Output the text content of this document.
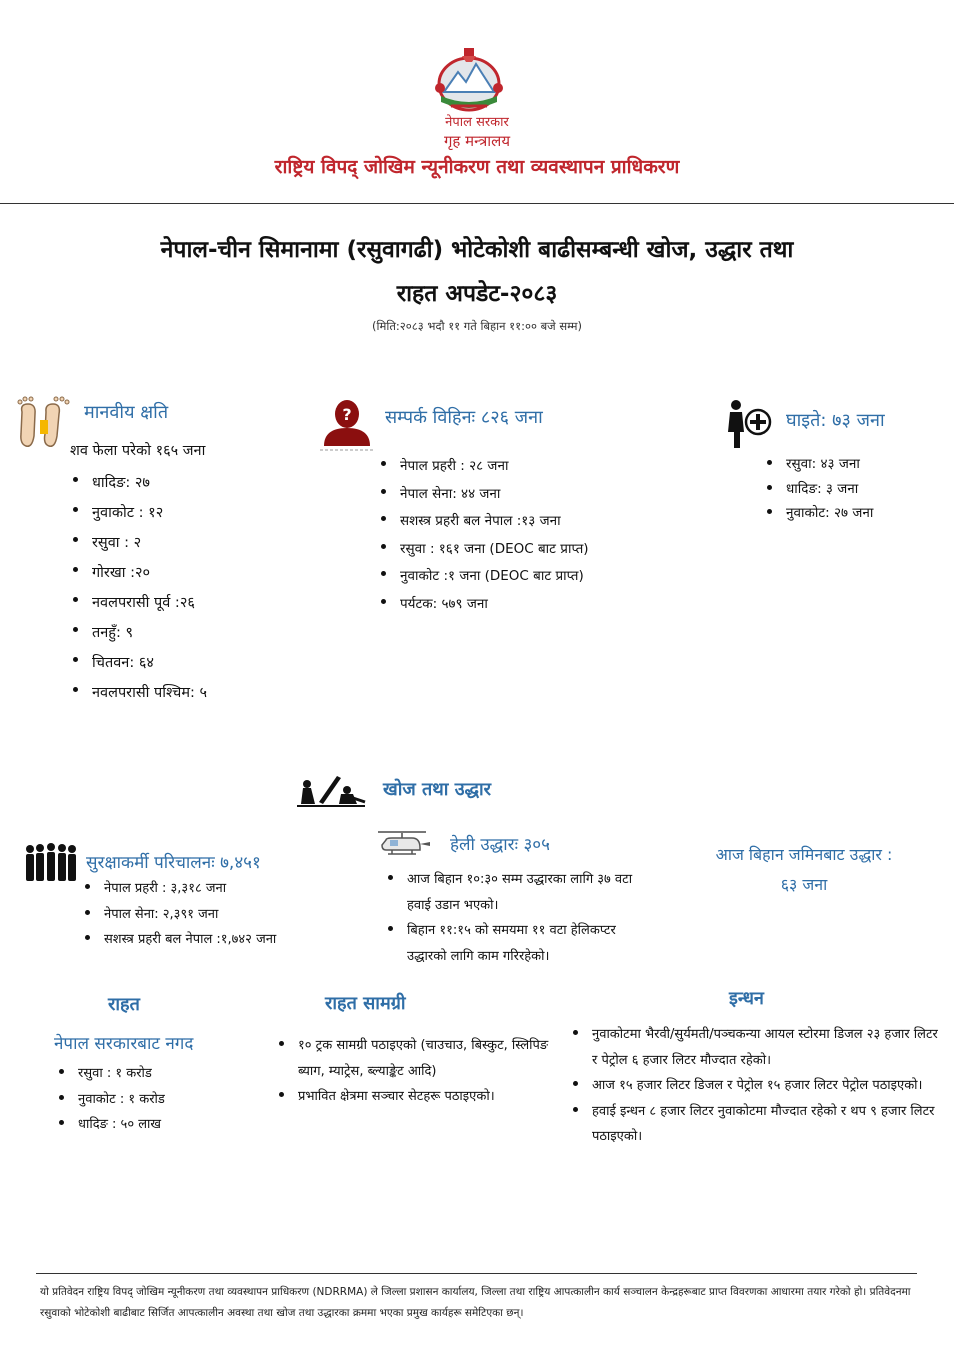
नेपाल सरकार
गृह मन्त्रालय
राष्ट्रिय विपद् जोखिम न्यूनीकरण तथा व्यवस्थापन प्राधिकरण
नेपाल-चीन सिमानामा (रसुवागढी) भोटेकोशी बाढीसम्बन्धी खोज, उद्धार तथा
राहत अपडेट-२०८३
(मिति:२०८३ भदौ ११ गते बिहान ११:०० बजे सम्म)
मानवीय क्षति
शव फेला परेको १६५ जना
धादिङ: २७
नुवाकोट : १२
रसुवा : २
गोरखा :२०
नवलपरासी पूर्व :२६
तनहुँ: ९
चितवन: ६४
नवलपरासी पश्चिम: ५
? सम्पर्क विहिनः ८२६ जना
नेपाल प्रहरी : २८ जना
नेपाल सेना: ४४ जना
सशस्त्र प्रहरी बल नेपाल :१३ जना
रसुवा : १६१ जना (DEOC बाट प्राप्त)
नुवाकोट :१ जना (DEOC बाट प्राप्त)
पर्यटक: ५७९ जना
घाइते: ७३ जना
रसुवा: ४३ जना
धादिङ: ३ जना
नुवाकोट: २७ जना
खोज तथा उद्धार
सुरक्षाकर्मी परिचालनः ७,४५१
नेपाल प्रहरी : ३,३१८ जना
नेपाल सेना: २,३९१ जना
सशस्त्र प्रहरी बल नेपाल :१,७४२ जना
हेली उद्धारः ३०५
आज बिहान १०:३० सम्म उद्धारका लागि ३७ वटा हवाई उडान भएको।
बिहान ११:१५ को समयमा ११ वटा हेलिकप्टर उद्धारको लागि काम गरिरहेको।
आज बिहान जमिनबाट उद्धार :
६३ जना
राहत
नेपाल सरकारबाट नगद
रसुवा : १ करोड
नुवाकोट : १ करोड
धादिङ : ५० लाख
राहत सामग्री
१० ट्रक सामग्री पठाइएको (चाउचाउ, बिस्कुट, स्लिपिङ ब्याग, म्याट्रेस, ब्ल्याङ्केट आदि)
प्रभावित क्षेत्रमा सञ्चार सेटहरू पठाइएको।
इन्धन
नुवाकोटमा भैरवी/सुर्यमती/पञ्चकन्या आयल स्टोरमा डिजल २३ हजार लिटर र पेट्रोल ६ हजार लिटर मौज्दात रहेको।
आज १५ हजार लिटर डिजल र पेट्रोल १५ हजार लिटर पेट्रोल पठाइएको।
हवाई इन्धन ८ हजार लिटर नुवाकोटमा मौज्दात रहेको र थप ९ हजार लिटर पठाइएको।
यो प्रतिवेदन राष्ट्रिय विपद् जोखिम न्यूनीकरण तथा व्यवस्थापन प्राधिकरण (NDRRMA) ले जिल्ला प्रशासन कार्यालय, जिल्ला तथा राष्ट्रिय आपत्कालीन कार्य सञ्चालन केन्द्रहरूबाट प्राप्त विवरणका आधारमा तयार गरेको हो। प्रतिवेदनमा रसुवाको भोटेकोशी बाढीबाट सिर्जित आपत्कालीन अवस्था तथा खोज तथा उद्धारका क्रममा भएका प्रमुख कार्यहरू समेटिएका छन्।
